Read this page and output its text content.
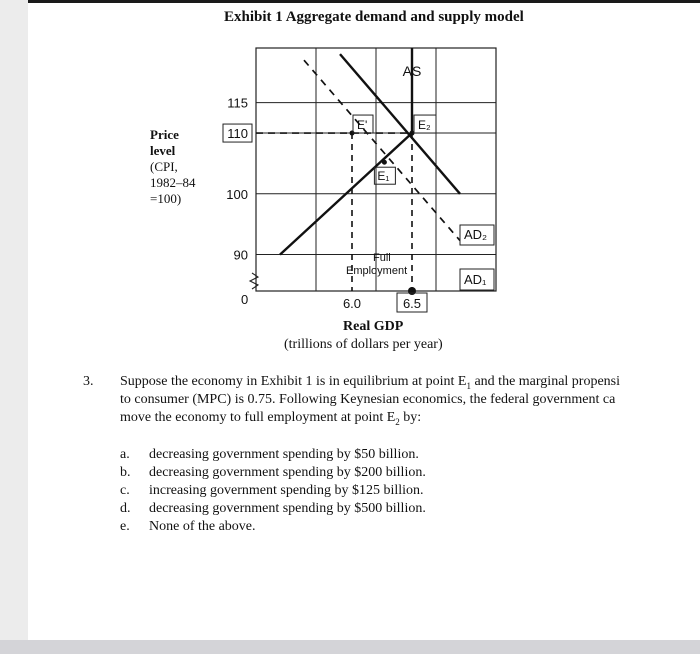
Exhibit 1 Aggregate demand and supply model
Price
level
(CPI,
1982–84
=100)
115
110
100
90
0	6.0	6.5
AS
AD₂
AD₁
E₁
E₂
E'
Full
Employment
Real GDP
(trillions of dollars per year)
3. Suppose the economy in Exhibit 1 is in equilibrium at point $E_1$ and the marginal propensi
to consumer (MPC) is 0.75. Following Keynesian economics, the federal government ca
move the economy to full employment at point $E_2$ by:
a. decreasing government spending by $50 billion.
b. decreasing government spending by $200 billion.
c. increasing government spending by $125 billion.
d. decreasing government spending by $500 billion.
e. None of the above.
